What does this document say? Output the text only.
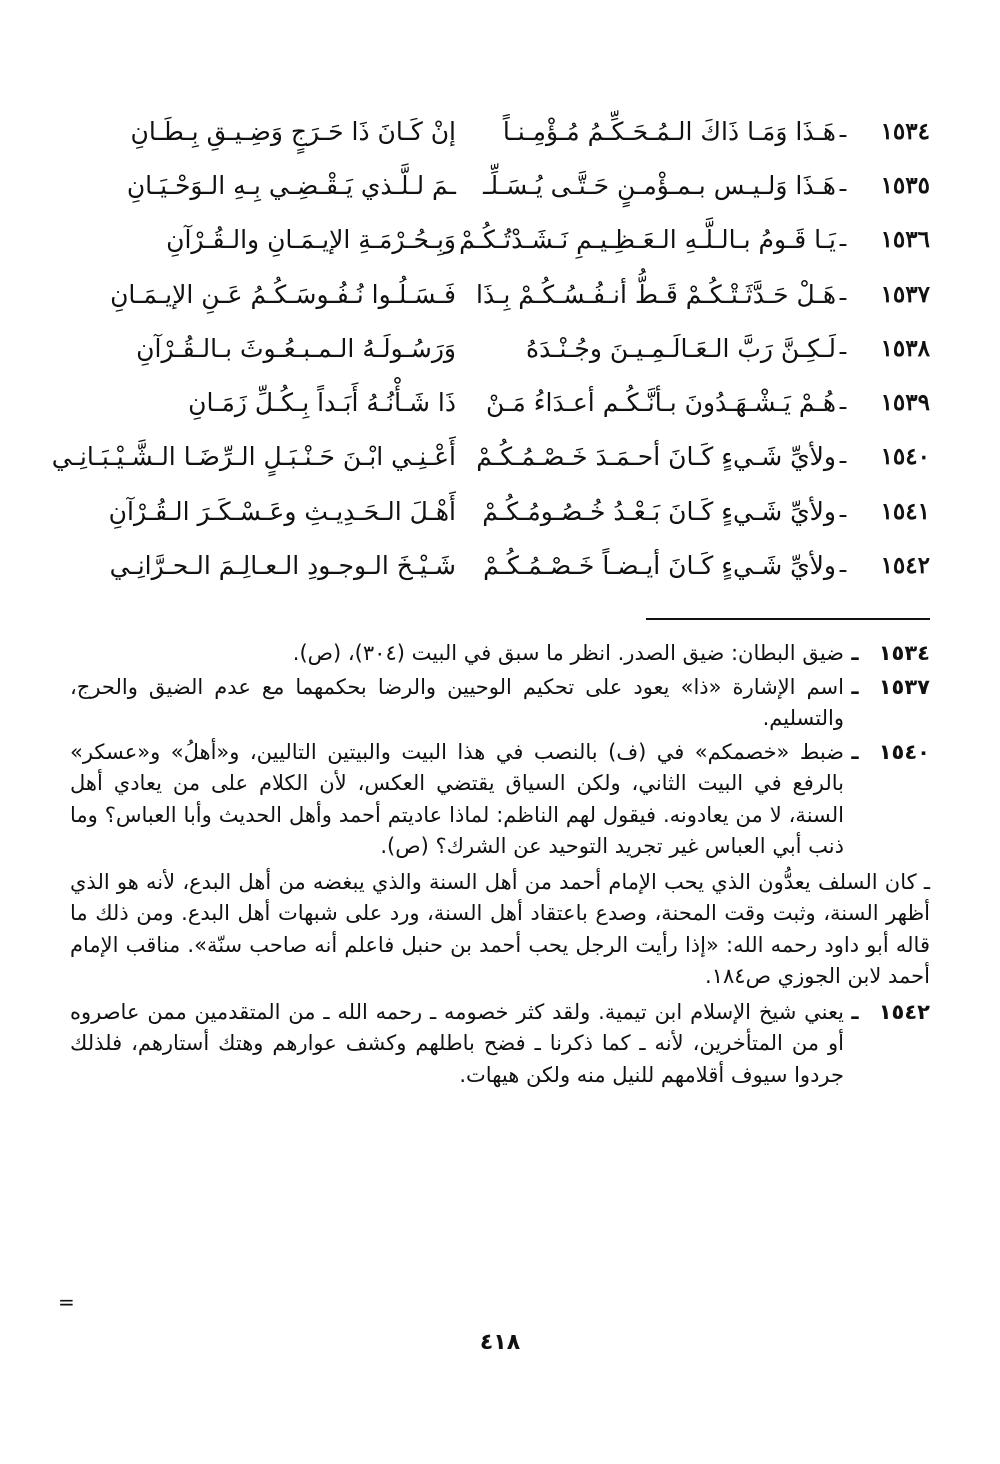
١٥٣٤
ـ
هَـذَا وَمَـا ذَاكَ الـمُـحَـكِّـمُ مُـؤْمِـنـاً
إنْ كَـانَ ذَا حَـرَجٍ وَضِـيـقِ بِـطَـانِ
١٥٣٥
ـ
هَـذَا وَلـيـس بـمـؤْمـنٍ حَـتَّـى يُـسَـلِّـ
ـمَ لـلَّـذي يَـقْـضِـي بِـهِ الـوَحْـيَـانِ
١٥٣٦
ـ
يَـا قَـومُ بـالـلَّـهِ الـعَـظِـيـمِ نَـشَـدْتُـكُـمْ
وَبِـحُـرْمَـةِ الإيـمَـانِ والـقُـرْآنِ
١٥٣٧
ـ
هَـلْ حَـدَّثَـتْـكُـمْ قَـطُّ أنـفُـسُـكُـمْ بِـذَا
فَـسَـلُـوا نُـفُـوسَـكُـمُ عَـنِ الإيـمَـانِ
١٥٣٨
ـ
لَـكِـنَّ رَبَّ الـعَـالَـمِـيـنَ وجُـنْـدَهُ
وَرَسُـولَـهُ الـمـبـعُـوثَ بـالـقُـرْآنِ
١٥٣٩
ـ
هُـمْ يَـشْـهَـدُونَ بـأنَّـكُـم أعـدَاءُ مَـنْ
ذَا شَـأْنُـهُ أَبَـداً بِـكُـلِّ زَمَـانِ
١٥٤٠
ـ
ولأيِّ شَـيءٍ كَـانَ أحـمَـدَ خَـصْـمُـكُـمْ
أَعْـنِـي ابْـنَ حَـنْـبَـلٍ الـرِّضَـا الـشَّـيْـبَـانِـي
١٥٤١
ـ
ولأيِّ شَـيءٍ كَـانَ بَـعْـدُ خُـصُـومُـكُـمْ
أَهْـلَ الـحَـدِيـثِ وعَـسْـكَـرَ الـقُـرْآنِ
١٥٤٢
ـ
ولأيِّ شَـيءٍ كَـانَ أيـضـاً خَـصْـمُـكُـمْ
شَـيْـخَ الـوجـودِ الـعـالِـمَ الـحـرَّانِـي
١٥٣٤
ـ
ضيق البطان: ضيق الصدر. انظر ما سبق في البيت (٣٠٤)، (ص).
١٥٣٧
ـ
اسم الإشارة «ذا» يعود على تحكيم الوحيين والرضا بحكمهما مع عدم الضيق والحرج، والتسليم.
١٥٤٠
ـ
ضبط «خصمكم» في (ف) بالنصب في هذا البيت والبيتين التاليين، و«أهلُ» و«عسكر» بالرفع في البيت الثاني، ولكن السياق يقتضي العكس، لأن الكلام على من يعادي أهل السنة، لا من يعادونه. فيقول لهم الناظم: لماذا عاديتم أحمد وأهل الحديث وأبا العباس؟ وما ذنب أبي العباس غير تجريد التوحيد عن الشرك؟ (ص).
ـ كان السلف يعدُّون الذي يحب الإمام أحمد من أهل السنة والذي يبغضه من أهل البدع، لأنه هو الذي أظهر السنة، وثبت وقت المحنة، وصدع باعتقاد أهل السنة، ورد على شبهات أهل البدع. ومن ذلك ما قاله أبو داود رحمه الله: «إذا رأيت الرجل يحب أحمد بن حنبل فاعلم أنه صاحب سنّة». مناقب الإمام أحمد لابن الجوزي ص١٨٤.
١٥٤٢
ـ
يعني شيخ الإسلام ابن تيمية. ولقد كثر خصومه ـ رحمه الله ـ من المتقدمين ممن عاصروه أو من المتأخرين، لأنه ـ كما ذكرنا ـ فضح باطلهم وكشف عوارهم وهتك أستارهم، فلذلك جردوا سيوف أقلامهم للنيل منه ولكن هيهات.
=
٤١٨
